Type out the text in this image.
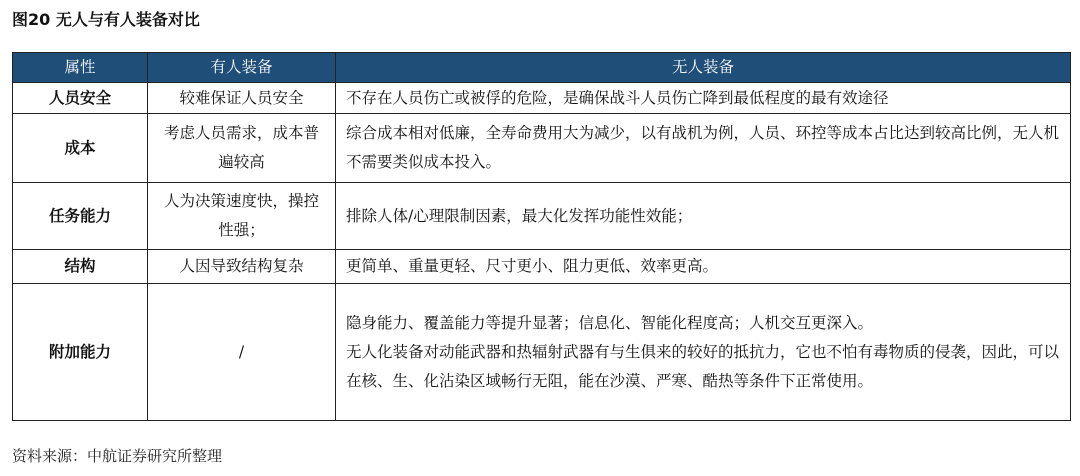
图20 无人与有人装备对比
属性	有人装备	无人装备
人员安全	较难保证人员安全	不存在人员伤亡或被俘的危险，是确保战斗人员伤亡降到最低程度的最有效途径

成本	考虑人员需求，成本普遍较高	综合成本相对低廉，全寿命费用大为减少，以有战机为例，人员、环控等成本占比达到较高比例，无人机不需要类似成本投入。

任务能力	人为决策速度快，操控性强；	排除人体/心理限制因素，最大化发挥功能性效能；

结构	人因导致结构复杂	更简单、重量更轻、尺寸更小、阻力更低、效率更高。

附加能力	/	隐身能力、覆盖能力等提升显著；信息化、智能化程度高；人机交互更深入。
无人化装备对动能武器和热辐射武器有与生俱来的较好的抵抗力，它也不怕有毒物质的侵袭，因此，可以在核、生、化沾染区域畅行无阻，能在沙漠、严寒、酷热等条件下正常使用。
资料来源：中航证券研究所整理
